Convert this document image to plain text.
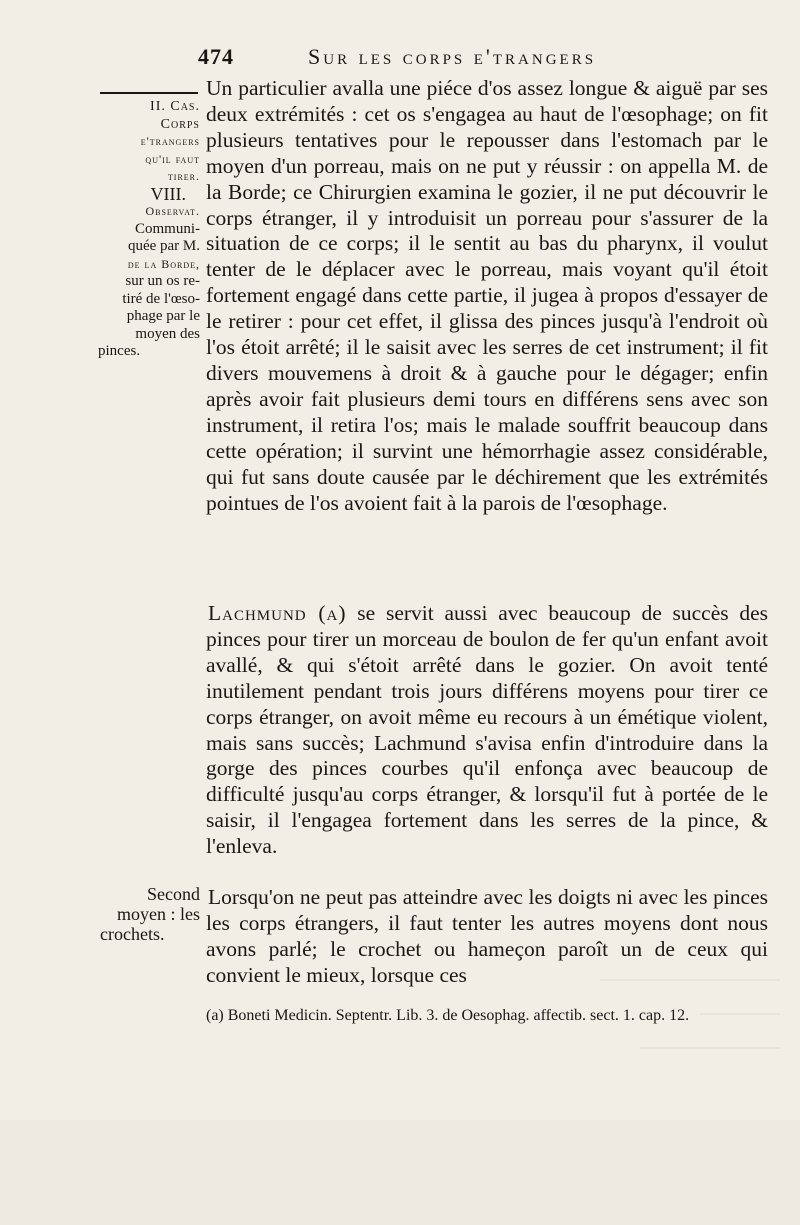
474	Sur les corps e'trangers
II. Cas.
Corps
e'trangers
qu'il faut
tirer.
VIII.
Observat.
Communi-
quée par M.
de la Borde,
sur un os re-
tiré de l'œso-
phage par le
moyen des
pinces.

Un particulier avalla une piéce d'os assez longue & aiguë par ses deux extrémités : cet os s'engagea au haut de l'œsophage; on fit plusieurs tentatives pour le repousser dans l'estomach par le moyen d'un porreau, mais on ne put y réussir : on appella M. de la Borde; ce Chirurgien examina le gozier, il ne put découvrir le corps étranger, il y introduisit un porreau pour s'assurer de la situation de ce corps; il le sentit au bas du pharynx, il voulut tenter de le déplacer avec le porreau, mais voyant qu'il étoit fortement engagé dans cette partie, il jugea à propos d'essayer de le retirer : pour cet effet, il glissa des pinces jusqu'à l'endroit où l'os étoit arrêté; il le saisit avec les serres de cet instrument; il fit divers mouvemens à droit & à gauche pour le dégager; enfin après avoir fait plusieurs demi tours en différens sens avec son instrument, il retira l'os; mais le malade souffrit beaucoup dans cette opération; il survint une hémorrhagie assez considérable, qui fut sans doute causée par le déchirement que les extrémités pointues de l'os avoient fait à la parois de l'œsophage.

Lachmund (a) se servit aussi avec beaucoup de succès des pinces pour tirer un morceau de boulon de fer qu'un enfant avoit avallé, & qui s'étoit arrêté dans le gozier. On avoit tenté inutilement pendant trois jours différens moyens pour tirer ce corps étranger, on avoit même eu recours à un émétique violent, mais sans succès; Lachmund s'avisa enfin d'introduire dans la gorge des pinces courbes qu'il enfonça avec beaucoup de difficulté jusqu'au corps étranger, & lorsqu'il fut à portée de le saisir, il l'engagea fortement dans les serres de la pince, & l'enleva.

Second
moyen : les
crochets.

Lorsqu'on ne peut pas atteindre avec les doigts ni avec les pinces les corps étrangers, il faut tenter les autres moyens dont nous avons parlé; le crochet ou hameçon paroît un de ceux qui convient le mieux, lorsque ces

(a) Boneti Medicin. Septentr. Lib. 3. de Oesophag. affectib. sect. 1. cap. 12.
